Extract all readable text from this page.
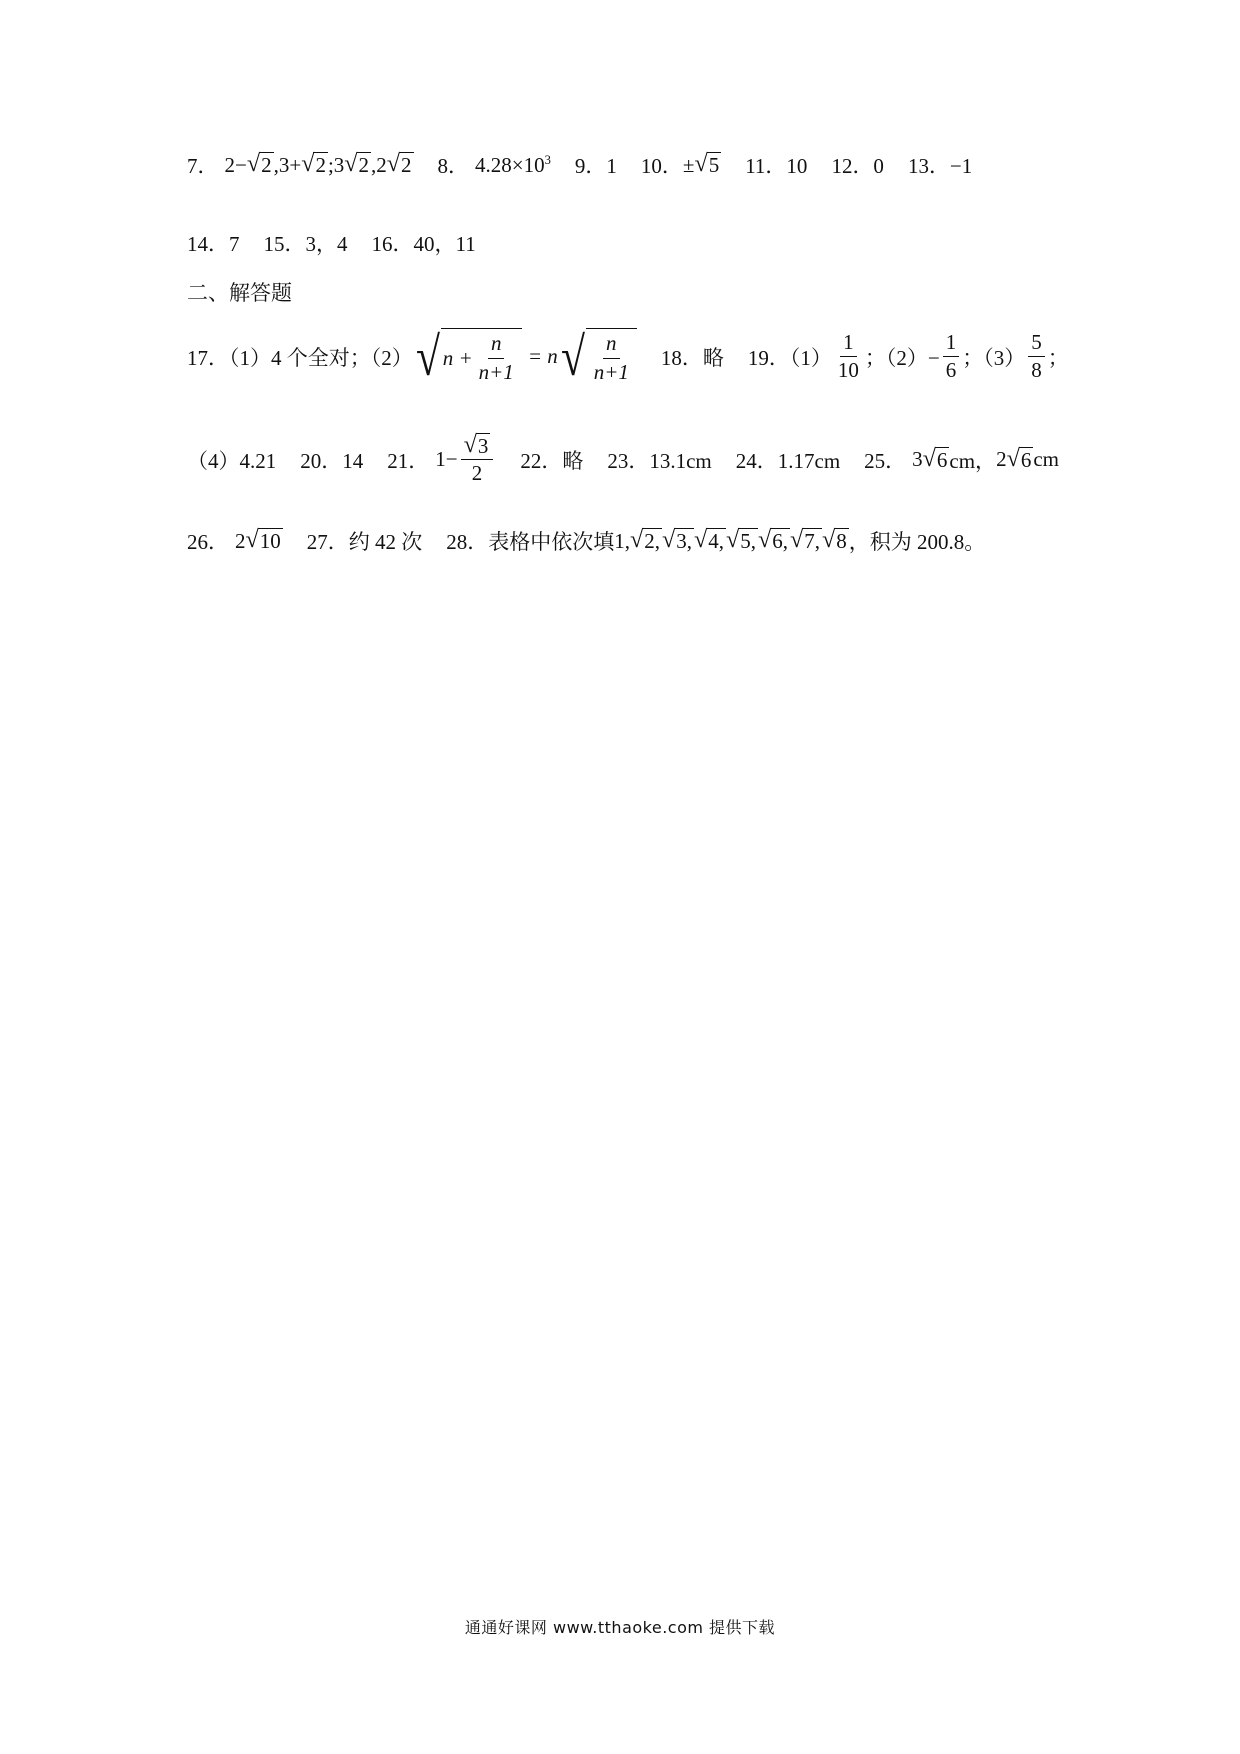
7． 2− √ 2 ,3+ √ 2 ;3 √ 2 ,2 √ 2 8． $4.28\times 10^3$ 9．1 10． ± √ 5 11．10 12．0 13．−1
14．7 15．3，4 16．40，11
二、解答题
17．（1）4 个全对；（2） √ $n + \frac{n}{n+1} = n$ √ $\frac{n}{n+1} 18$．略 19．$(1) \frac{1}{10}$ ；$(2)- \frac{1}{6}$ ；$(3) \frac{5}{8}$ ；
（4）4.21 20．14 21． $1- \frac{√ 3}{2} 22$．略 23．13.1cm 24．1.17cm 25． 3 √ 6 cm， 2 √ 6 cm
26． 2 √ 10 27．约 42 次 28．表格中依次填 1, √ 2, √ 3, √ 4, √ 5, √ 6, √ 7, √ 8 ，积为 200.8。
通通好课网 www.tthaoke.com 提供下载
